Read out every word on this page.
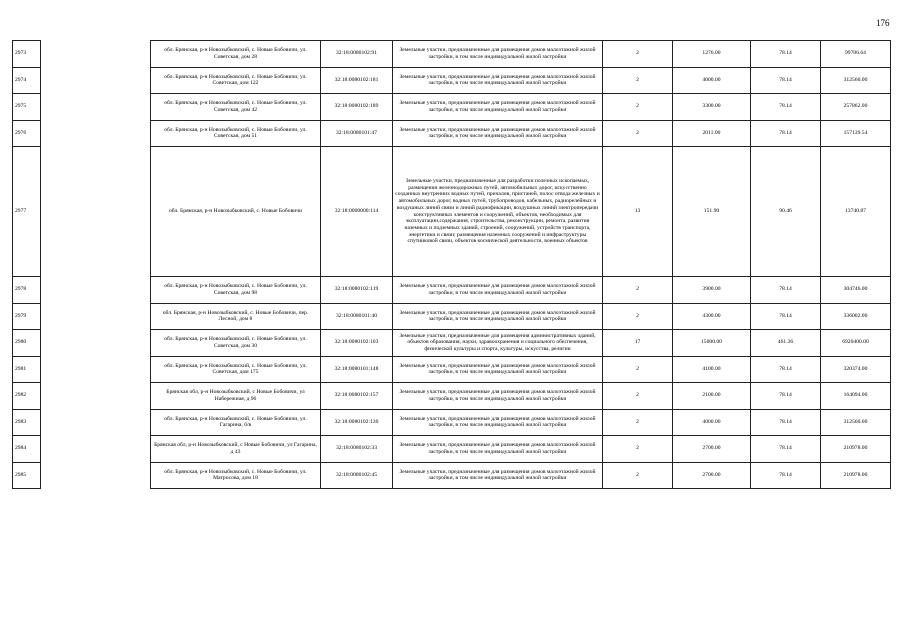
176
2973		обл. Брянская, р-н Новозыбковский, с. Новые Бобовичи, ул. Советская, дом 28	32:18:0080102:91	Земельные участки, предназначенные для размещения домов малоэтажной жилой застройки, в том числе индивидуальной жилой застройки	2	1276.00	78.14	99706.64
2974		обл. Брянская, р-н Новозыбковский, с. Новые Бобовичи, ул. Советская, дом 122	32:18:0080102:181	Земельные участки, предназначенные для размещения домов малоэтажной жилой застройки, в том числе индивидуальной жилой застройки	2	4000.00	78.14	312560.00
2975		обл. Брянская, р-н Новозыбковский, с. Новые Бобовичи, ул. Советская, дом 42	32:18:0080102:189	Земельные участки, предназначенные для размещения домов малоэтажной жилой застройки, в том числе индивидуальной жилой застройки	2	3300.00	78.14	257862.00
2976		обл. Брянская, р-н Новозыбковский, с. Новые Бобовичи, ул. Советская, дом 51	32:18:0080101:47	Земельные участки, предназначенные для размещения домов малоэтажной жилой застройки, в том числе индивидуальной жилой застройки	2	2011.00	78.14	157139.54
2977		обл. Брянская, р-н Новозыбковский, с. Новые Бобовичи	32:18:0000000:114	Земельные участки, предназначенные для разработки полезных ископаемых, размещения железнодорожных путей, автомобильных дорог, искусственно созданных внутренних водных путей, причалов, пристаней, полос отвода железных и автомобильных дорог, водных путей, трубопроводов, кабельных, радиорелейных и воздушных линий связи и линий радиофикации, воздушных линий электропередачи конструктивных элементов и сооружений, объектов, необходимых для эксплуатации,содержания, строительства, реконструкции, ремонта, развития наземных и подземных зданий, строений, сооружений, устройств транспорта, энергетики и связи; размещения наземных сооружений и инфраструктуры спутниковой связи, объектов космической деятельности, военных объектов	13	151.90	90.46	13740.87
2978		обл. Брянская, р-н Новозыбковский, с. Новые Бобовичи, ул. Советская, дом 98	32:18:0080102:119	Земельные участки, предназначенные для размещения домов малоэтажной жилой застройки, в том числе индивидуальной жилой застройки	2	3900.00	78.14	304746.00
2979		обл. Брянская, р-н Новозыбковский, с. Новые Бобовичи, пер. Лесной, дом 8	32:18:0080101:40	Земельные участки, предназначенные для размещения домов малоэтажной жилой застройки, в том числе индивидуальной жилой застройки	2	4300.00	78.14	336002.00
2980		обл. Брянская, р-н Новозыбковский, с. Новые Бобовичи, ул. Советская, дом 30	32:18:0080102:103	Земельные участки, предназначенные для размещения административных зданий, объектов образования, науки, здравоохранения и социального обеспечения, физической культуры и спорта, культуры, искусства, религии	17	15000.00	461.36	6920400.00
2981		обл. Брянская, р-н Новозыбковский, с. Новые Бобовичи, ул. Советская, дом 175	32:18:0080101:148	Земельные участки, предназначенные для размещения домов малоэтажной жилой застройки, в том числе индивидуальной жилой застройки	2	4100.00	78.14	320374.00
2982		Брянская обл, р-н Новозыбковский, с Новые Бобовичи, ул Набережная, д 96	32:18:0080102:157	Земельные участки, предназначенные для размещения домов малоэтажной жилой застройки, в том числе индивидуальной жилой застройки	2	2100.00	78.14	164094.00
2983		обл. Брянская, р-н Новозыбковский, с. Новые Бобовичи, ул. Гагарина, 6/в	32:18:0080102:130	Земельные участки, предназначенные для размещения домов малоэтажной жилой застройки, в том числе индивидуальной жилой застройки	2	4000.00	78.14	312560.00
2984		Брянская обл, р-н Новозыбковский, с Новые Бобовичи, ул Гагарина, д 43	32:18:0080102:33	Земельные участки, предназначенные для размещения домов малоэтажной жилой застройки, в том числе индивидуальной жилой застройки	2	2700.00	78.14	210978.00
2985		обл. Брянская, р-н Новозыбковский, с. Новые Бобовичи, ул. Матросова, дом 18	32:18:0080102:45	Земельные участки, предназначенные для размещения домов малоэтажной жилой застройки, в том числе индивидуальной жилой застройки	2	2700.00	78.14	210978.00
